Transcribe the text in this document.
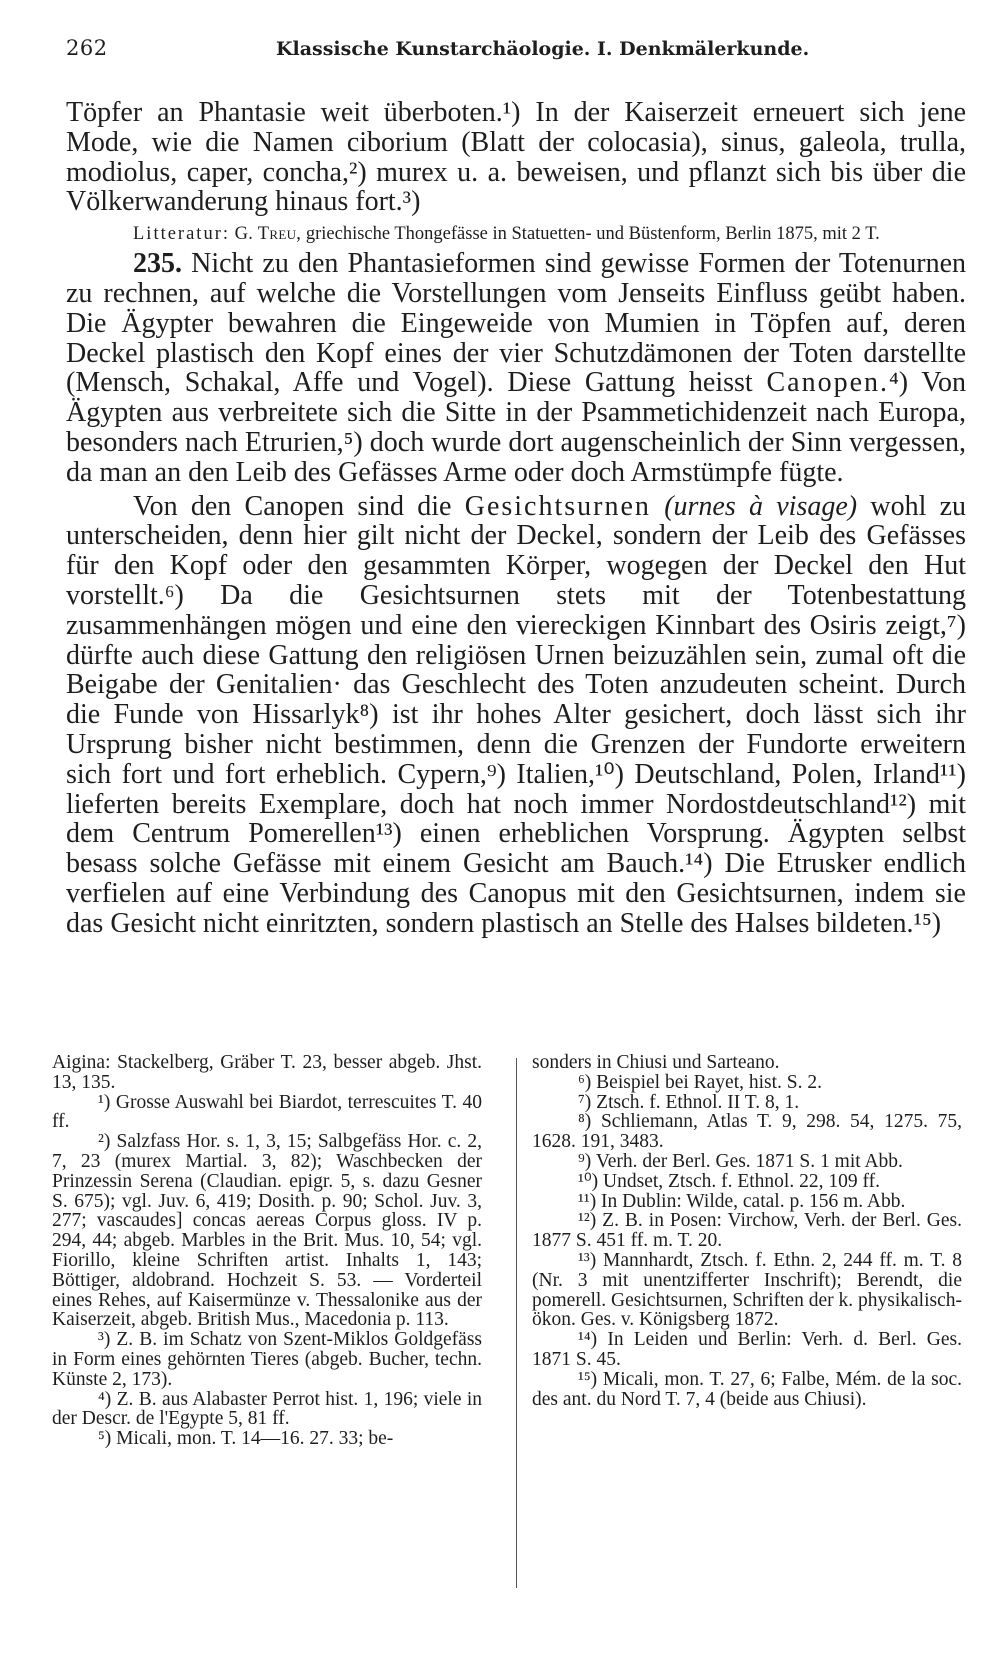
262	Klassische Kunstarchäologie. I. Denkmälerkunde.

Töpfer an Phantasie weit überboten.¹) In der Kaiserzeit erneuert sich jene Mode, wie die Namen ciborium (Blatt der colocasia), sinus, galeola, trulla, modiolus, caper, concha,²) murex u. a. beweisen, und pflanzt sich bis über die Völkerwanderung hinaus fort.³)

Litteratur: G. Treu, griechische Thongefässe in Statuetten- und Büstenform, Berlin 1875, mit 2 T.

235. Nicht zu den Phantasieformen sind gewisse Formen der Totenurnen zu rechnen, auf welche die Vorstellungen vom Jenseits Einfluss geübt haben. Die Ägypter bewahren die Eingeweide von Mumien in Töpfen auf, deren Deckel plastisch den Kopf eines der vier Schutzdämonen der Toten darstellte (Mensch, Schakal, Affe und Vogel). Diese Gattung heisst Canopen.⁴) Von Ägypten aus verbreitete sich die Sitte in der Psammetichidenzeit nach Europa, besonders nach Etrurien,⁵) doch wurde dort augenscheinlich der Sinn vergessen, da man an den Leib des Gefässes Arme oder doch Armstümpfe fügte.

Von den Canopen sind die Gesichtsurnen (urnes à visage) wohl zu unterscheiden, denn hier gilt nicht der Deckel, sondern der Leib des Gefässes für den Kopf oder den gesammten Körper, wogegen der Deckel den Hut vorstellt.⁶) Da die Gesichtsurnen stets mit der Totenbestattung zusammenhängen mögen und eine den viereckigen Kinnbart des Osiris zeigt,⁷) dürfte auch diese Gattung den religiösen Urnen beizuzählen sein, zumal oft die Beigabe der Genitalien· das Geschlecht des Toten anzudeuten scheint. Durch die Funde von Hissarlyk⁸) ist ihr hohes Alter gesichert, doch lässt sich ihr Ursprung bisher nicht bestimmen, denn die Grenzen der Fundorte erweitern sich fort und fort erheblich. Cypern,⁹) Italien,¹⁰) Deutschland, Polen, Irland¹¹) lieferten bereits Exemplare, doch hat noch immer Nordostdeutschland¹²) mit dem Centrum Pomerellen¹³) einen erheblichen Vorsprung. Ägypten selbst besass solche Gefässe mit einem Gesicht am Bauch.¹⁴) Die Etrusker endlich verfielen auf eine Verbindung des Canopus mit den Gesichtsurnen, indem sie das Gesicht nicht einritzten, sondern plastisch an Stelle des Halses bildeten.¹⁵)

Aigina: Stackelberg, Gräber T. 23, besser abgeb. Jhst. 13, 135.

¹) Grosse Auswahl bei Biardot, terrescuites T. 40 ff.

²) Salzfass Hor. s. 1, 3, 15; Salbgefäss Hor. c. 2, 7, 23 (murex Martial. 3, 82); Waschbecken der Prinzessin Serena (Claudian. epigr. 5, s. dazu Gesner S. 675); vgl. Juv. 6, 419; Dosith. p. 90; Schol. Juv. 3, 277; vascaudes] concas aereas Corpus gloss. IV p. 294, 44; abgeb. Marbles in the Brit. Mus. 10, 54; vgl. Fiorillo, kleine Schriften artist. Inhalts 1, 143; Böttiger, aldobrand. Hochzeit S. 53. — Vorderteil eines Rehes, auf Kaisermünze v. Thessalonike aus der Kaiserzeit, abgeb. British Mus., Macedonia p. 113.

³) Z. B. im Schatz von Szent-Miklos Goldgefäss in Form eines gehörnten Tieres (abgeb. Bucher, techn. Künste 2, 173).

⁴) Z. B. aus Alabaster Perrot hist. 1, 196; viele in der Descr. de l'Egypte 5, 81 ff.

⁵) Micali, mon. T. 14—16. 27. 33; be-

sonders in Chiusi und Sarteano.

⁶) Beispiel bei Rayet, hist. S. 2.

⁷) Ztsch. f. Ethnol. II T. 8, 1.

⁸) Schliemann, Atlas T. 9, 298. 54, 1275. 75, 1628. 191, 3483.

⁹) Verh. der Berl. Ges. 1871 S. 1 mit Abb.

¹⁰) Undset, Ztsch. f. Ethnol. 22, 109 ff.

¹¹) In Dublin: Wilde, catal. p. 156 m. Abb.

¹²) Z. B. in Posen: Virchow, Verh. der Berl. Ges. 1877 S. 451 ff. m. T. 20.

¹³) Mannhardt, Ztsch. f. Ethn. 2, 244 ff. m. T. 8 (Nr. 3 mit unentzifferter Inschrift); Berendt, die pomerell. Gesichtsurnen, Schriften der k. physikalisch-ökon. Ges. v. Königsberg 1872.

¹⁴) In Leiden und Berlin: Verh. d. Berl. Ges. 1871 S. 45.

¹⁵) Micali, mon. T. 27, 6; Falbe, Mém. de la soc. des ant. du Nord T. 7, 4 (beide aus Chiusi).
